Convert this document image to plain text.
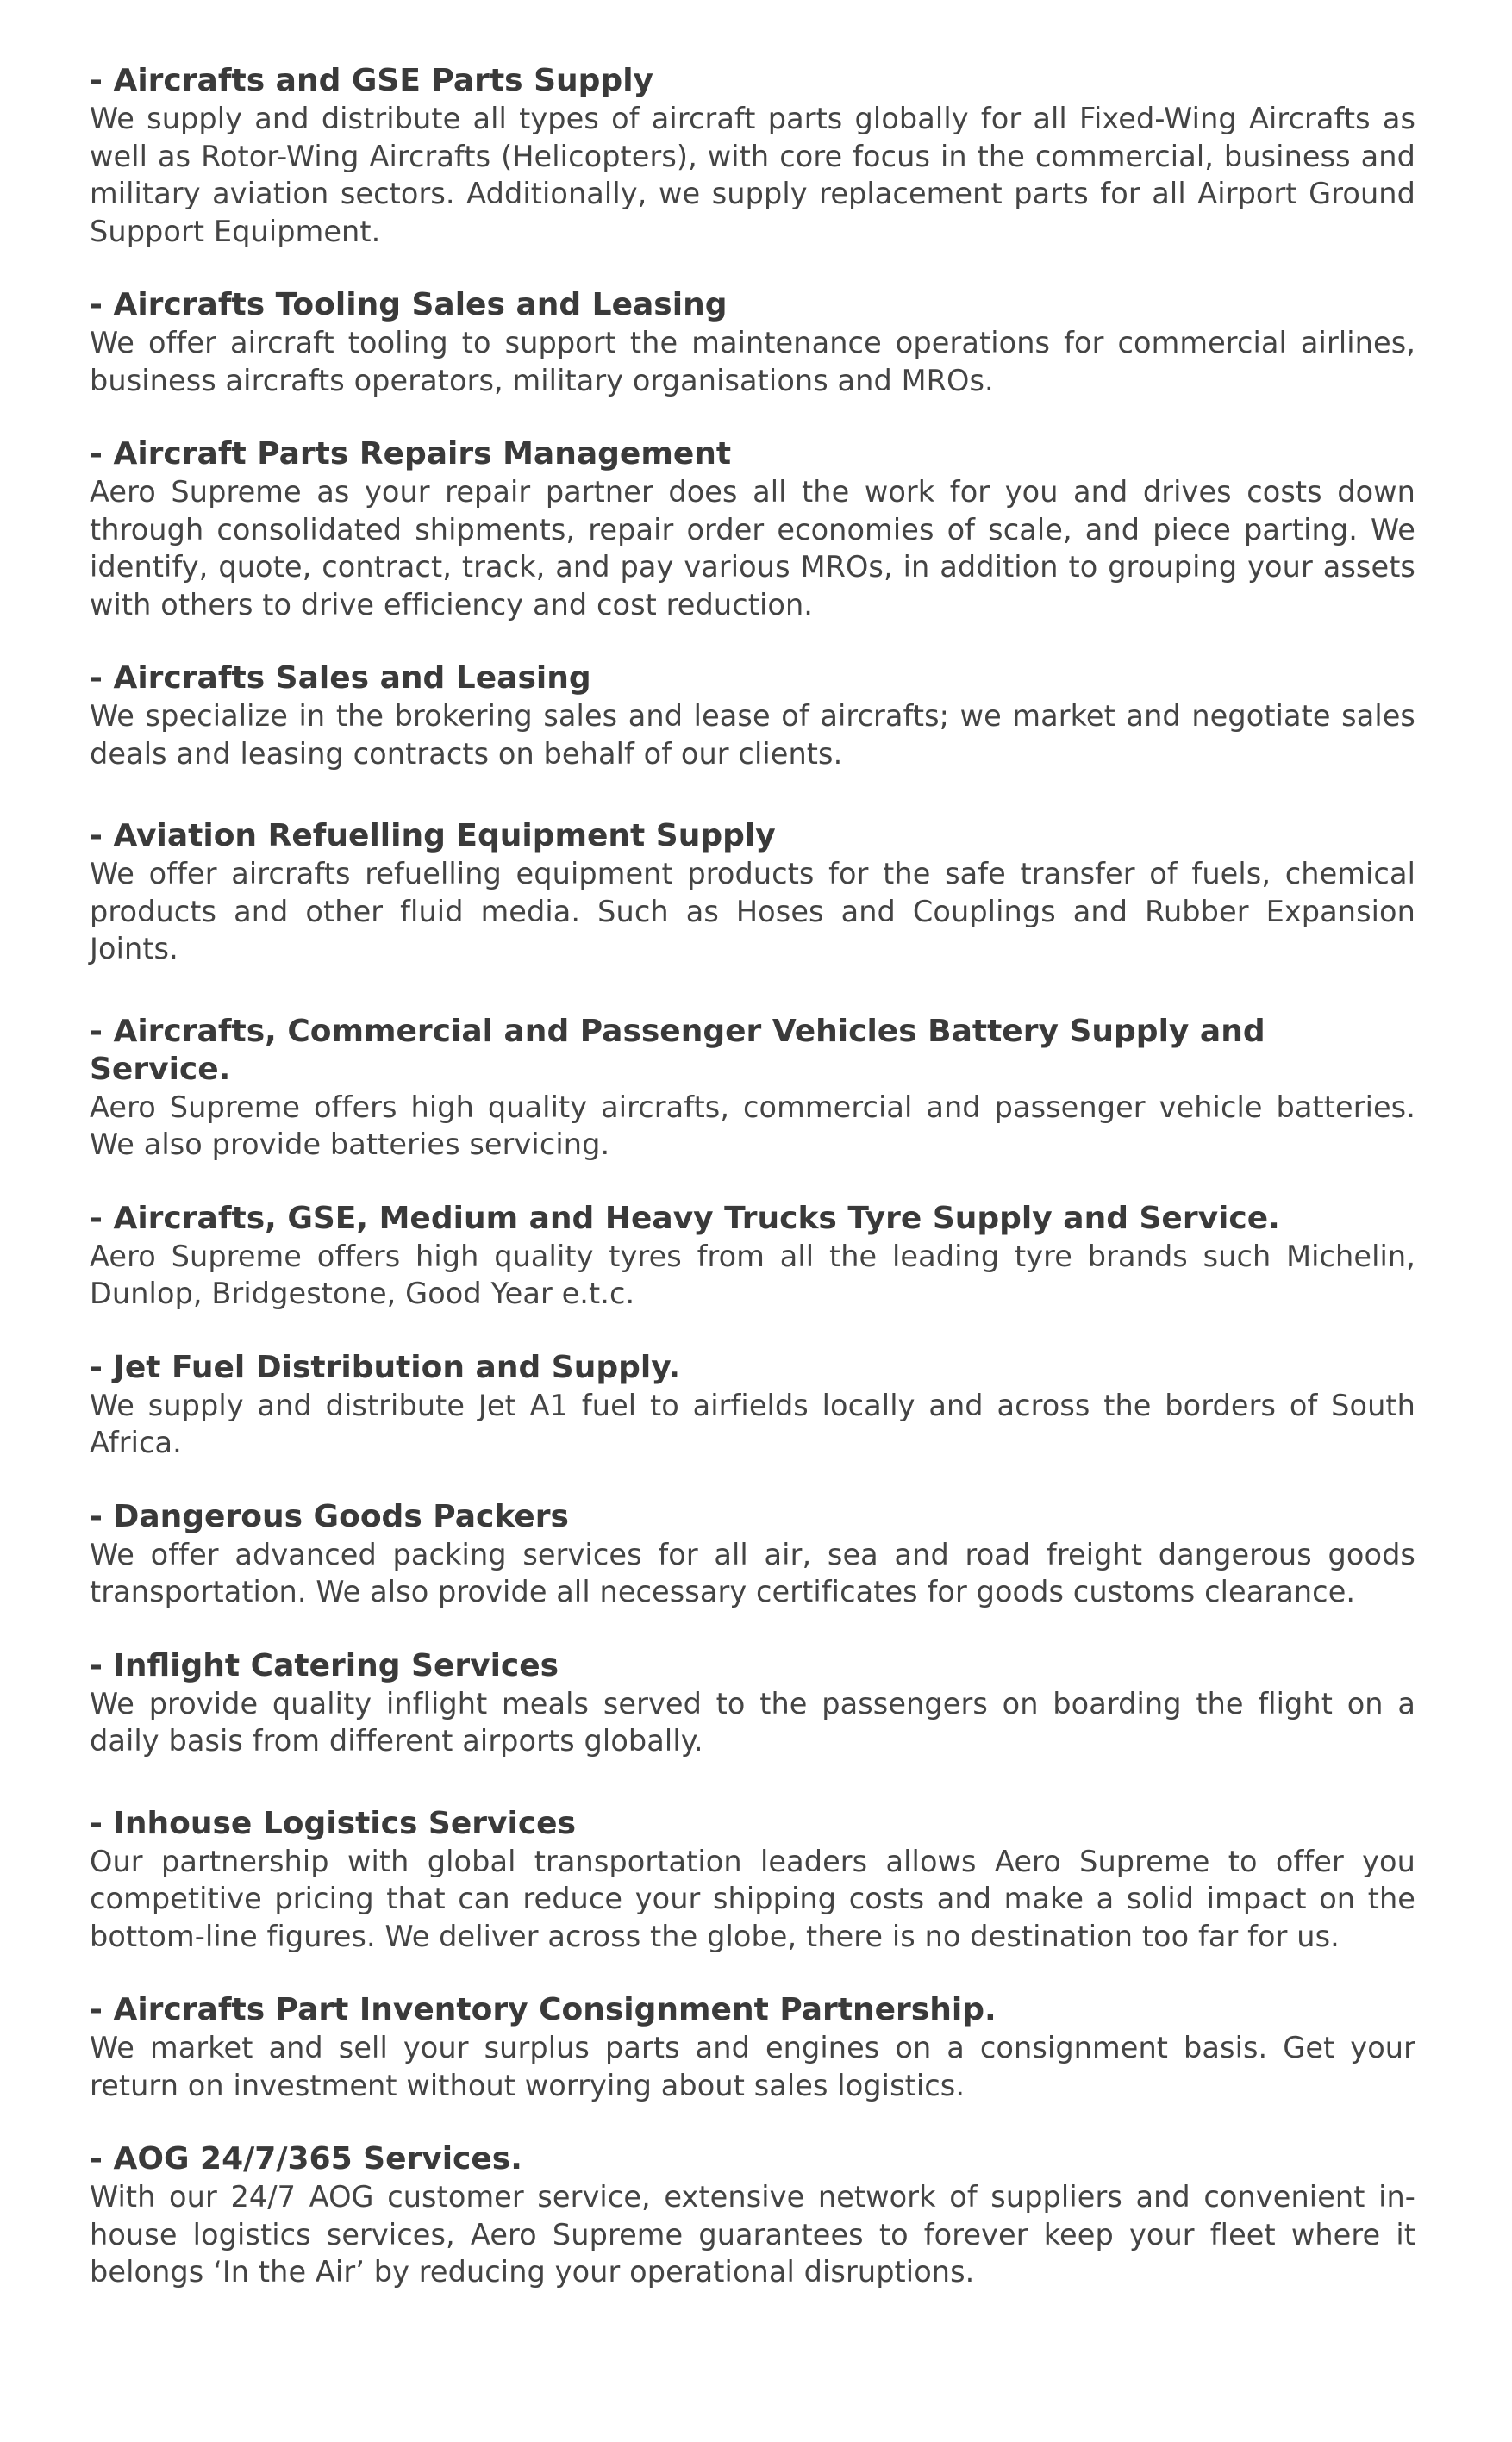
- Aircrafts and GSE Parts Supply

We supply and distribute all types of aircraft parts globally for all Fixed-Wing Aircrafts as well as Rotor-Wing Aircrafts (Helicopters), with core focus in the commercial, business and military aviation sectors. Additionally, we supply replacement parts for all Airport Ground Support Equipment.

- Aircrafts Tooling Sales and Leasing

We offer aircraft tooling to support the maintenance operations for commercial airlines, business aircrafts operators, military organisations and MROs.

- Aircraft Parts Repairs Management

Aero Supreme as your repair partner does all the work for you and drives costs down through consolidated shipments, repair order economies of scale, and piece parting. We identify, quote, contract, track, and pay various MROs, in addition to grouping your assets with others to drive efficiency and cost reduction.

- Aircrafts Sales and Leasing

We specialize in the brokering sales and lease of aircrafts; we market and negotiate sales deals and leasing contracts on behalf of our clients.

- Aviation Refuelling Equipment Supply

We offer aircrafts refuelling equipment products for the safe transfer of fuels, chemical products and other fluid media. Such as Hoses and Couplings and Rubber Expansion Joints.

- Aircrafts, Commercial and Passenger Vehicles Battery Supply and Service.

Aero Supreme offers high quality aircrafts, commercial and passenger vehicle batteries. We also provide batteries servicing.

- Aircrafts, GSE, Medium and Heavy Trucks Tyre Supply and Service.

Aero Supreme offers high quality tyres from all the leading tyre brands such Michelin, Dunlop, Bridgestone, Good Year e.t.c.

- Jet Fuel Distribution and Supply.

We supply and distribute Jet A1 fuel to airfields locally and across the borders of South Africa.

- Dangerous Goods Packers

We offer advanced packing services for all air, sea and road freight dangerous goods transportation. We also provide all necessary certificates for goods customs clearance.

- Inflight Catering Services

We provide quality inflight meals served to the passengers on boarding the flight on a daily basis from different airports globally.

- Inhouse Logistics Services

Our partnership with global transportation leaders allows Aero Supreme to offer you competitive pricing that can reduce your shipping costs and make a solid impact on the bottom-line figures. We deliver across the globe, there is no destination too far for us.

- Aircrafts Part Inventory Consignment Partnership.

We market and sell your surplus parts and engines on a consignment basis. Get your return on investment without worrying about sales logistics.

- AOG 24/7/365 Services.

With our 24/7 AOG customer service, extensive network of suppliers and convenient in- house logistics services, Aero Supreme guarantees to forever keep your fleet where it belongs ‘In the Air’ by reducing your operational disruptions.
